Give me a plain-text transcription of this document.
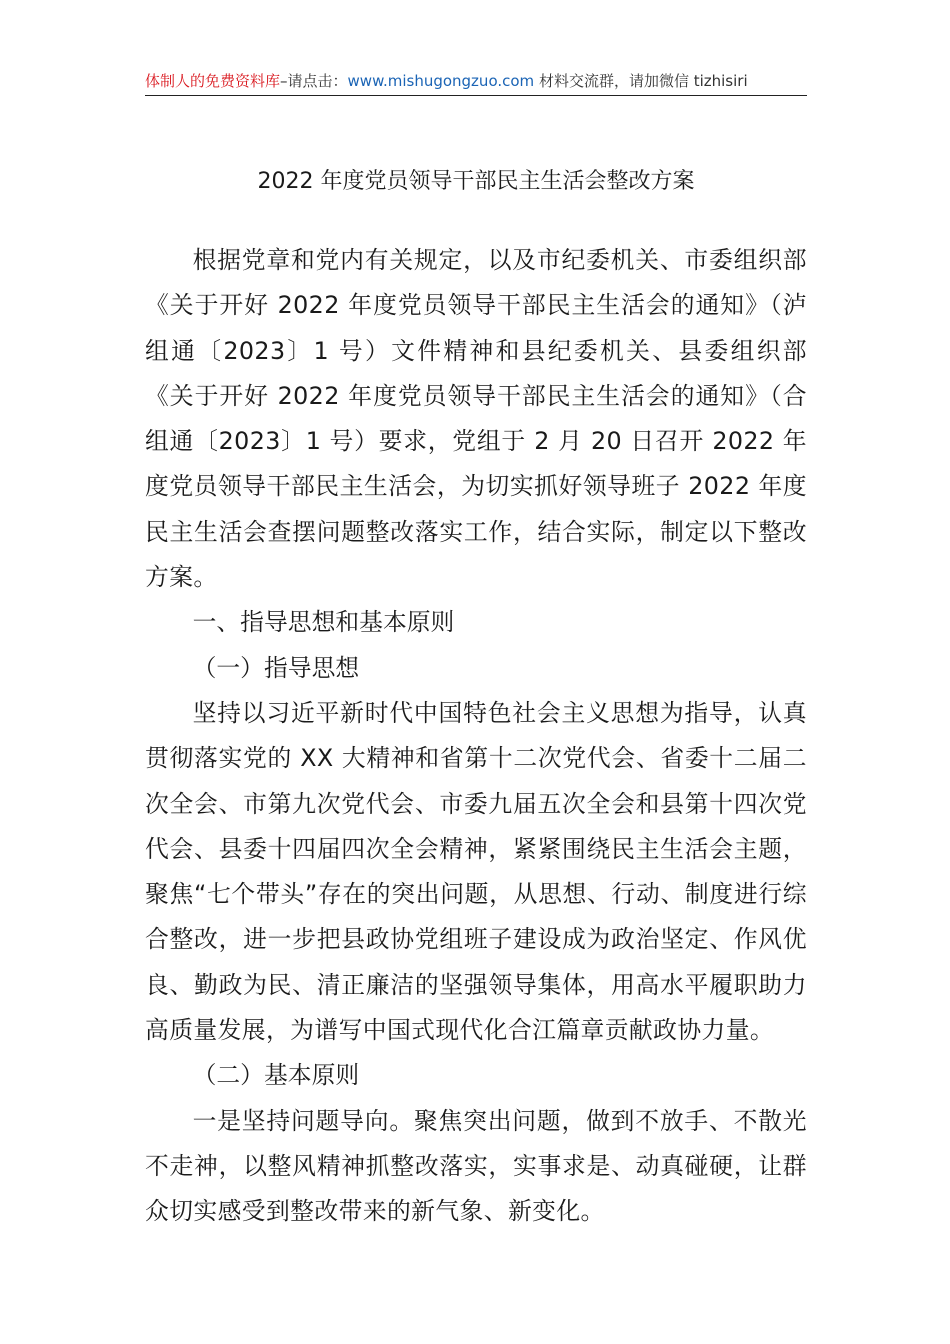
体制人的免费资料库–请点击：www.mishugongzuo.com 材料交流群，请加微信 tizhisiri
2022 年度党员领导干部民主生活会整改方案

根据党章和党内有关规定，以及市纪委机关、市委组织部《关于开好 2022 年度党员领导干部民主生活会的通知》（泸组通〔2023〕1 号）文件精神和县纪委机关、县委组织部《关于开好 2022 年度党员领导干部民主生活会的通知》（合组通〔2023〕1 号）要求，党组于 2 月 20 日召开 2022 年度党员领导干部民主生活会，为切实抓好领导班子 2022 年度民主生活会查摆问题整改落实工作，结合实际，制定以下整改方案。

一、指导思想和基本原则

（一）指导思想

坚持以习近平新时代中国特色社会主义思想为指导，认真贯彻落实党的 XX 大精神和省第十二次党代会、省委十二届二次全会、市第九次党代会、市委九届五次全会和县第十四次党代会、县委十四届四次全会精神，紧紧围绕民主生活会主题，聚焦“七个带头”存在的突出问题，从思想、行动、制度进行综合整改，进一步把县政协党组班子建设成为政治坚定、作风优良、勤政为民、清正廉洁的坚强领导集体，用高水平履职助力高质量发展，为谱写中国式现代化合江篇章贡献政协力量。

（二）基本原则

一是坚持问题导向。聚焦突出问题，做到不放手、不散光不走神，以整风精神抓整改落实，实事求是、动真碰硬，让群众切实感受到整改带来的新气象、新变化。
